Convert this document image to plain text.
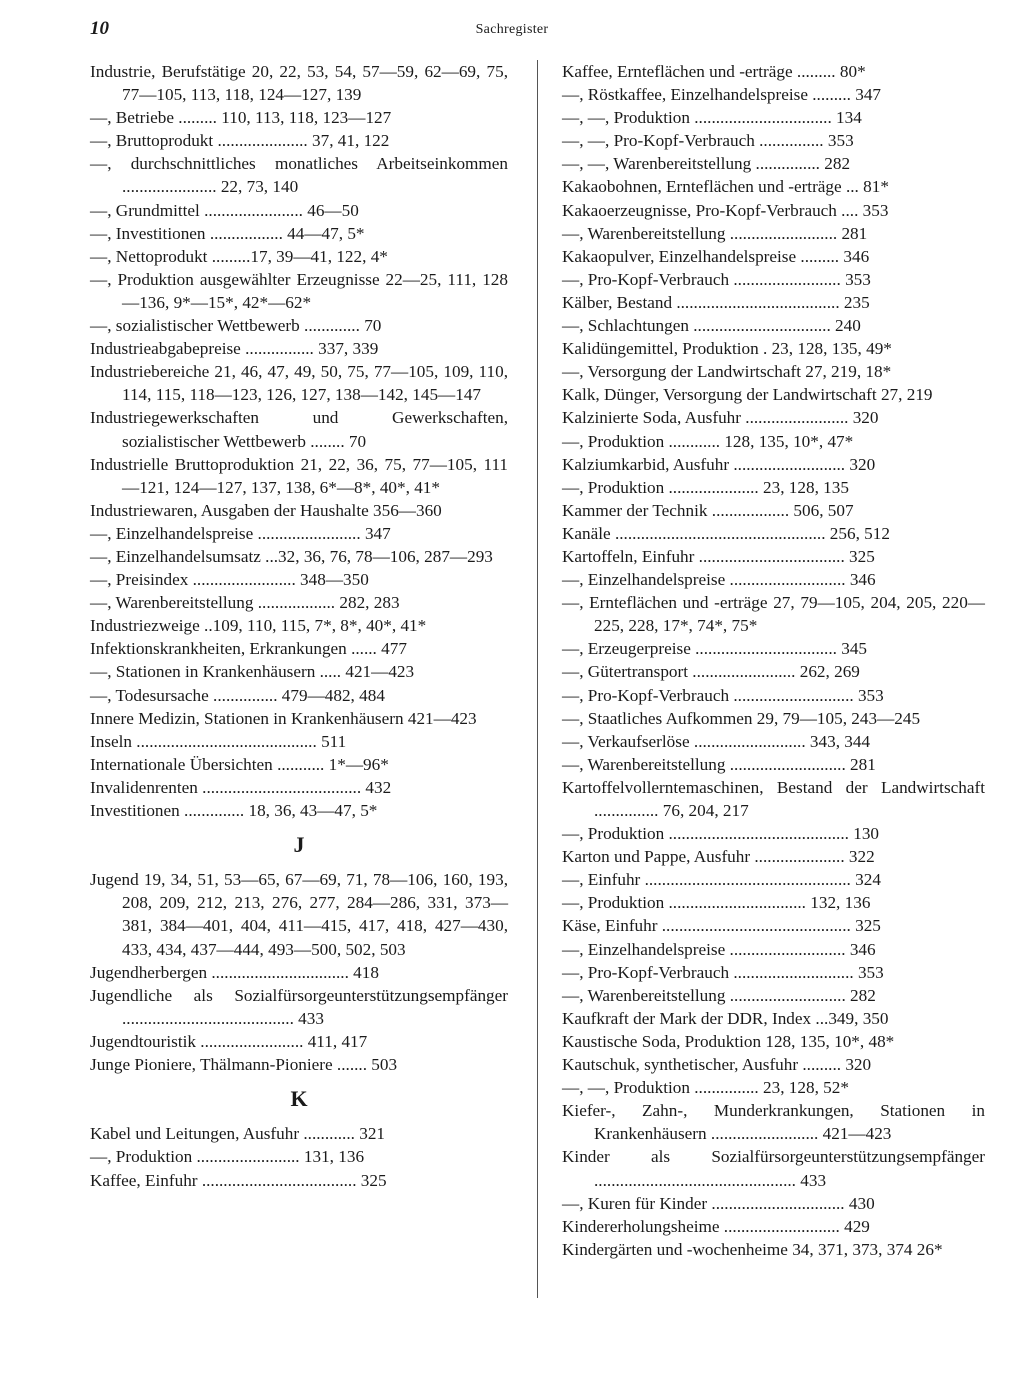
10	Sachregister
Industrie, Berufstätige 20, 22, 53, 54, 57—59, 62—69, 75, 77—105, 113, 118, 124—127, 139
—, Betriebe ......... 110, 113, 118, 123—127
—, Bruttoprodukt ..................... 37, 41, 122
—, durchschnittliches monatliches Arbeitseinkommen ...................... 22, 73, 140
—, Grundmittel ....................... 46—50
—, Investitionen ................. 44—47, 5*
—, Nettoprodukt .........17, 39—41, 122, 4*
—, Produktion ausgewählter Erzeugnisse 22—25, 111, 128—136, 9*—15*, 42*—62*
—, sozialistischer Wettbewerb ............. 70
Industrieabgabepreise ................ 337, 339
Industriebereiche 21, 46, 47, 49, 50, 75, 77—105, 109, 110, 114, 115, 118—123, 126, 127, 138—142, 145—147
Industriegewerkschaften und Gewerkschaften, sozialistischer Wettbewerb ........ 70
Industrielle Bruttoproduktion 21, 22, 36, 75, 77—105, 111—121, 124—127, 137, 138, 6*—8*, 40*, 41*
Industriewaren, Ausgaben der Haushalte 356—360
—, Einzelhandelspreise ........................ 347
—, Einzelhandelsumsatz ...32, 36, 76, 78—106, 287—293
—, Preisindex ........................ 348—350
—, Warenbereitstellung .................. 282, 283
Industriezweige ..109, 110, 115, 7*, 8*, 40*, 41*
Infektionskrankheiten, Erkrankungen ...... 477
—, Stationen in Krankenhäusern ..... 421—423
—, Todesursache ............... 479—482, 484
Innere Medizin, Stationen in Krankenhäusern 421—423
Inseln .......................................... 511
Internationale Übersichten ........... 1*—96*
Invalidenrenten ..................................... 432
Investitionen .............. 18, 36, 43—47, 5*
J
Jugend 19, 34, 51, 53—65, 67—69, 71, 78—106, 160, 193, 208, 209, 212, 213, 276, 277, 284—286, 331, 373—381, 384—401, 404, 411—415, 417, 418, 427—430, 433, 434, 437—444, 493—500, 502, 503
Jugendherbergen ................................ 418
Jugendliche als Sozialfürsorgeunterstützungsempfänger ........................................ 433
Jugendtouristik ........................ 411, 417
Junge Pioniere, Thälmann-Pioniere ....... 503
K
Kabel und Leitungen, Ausfuhr ............ 321
—, Produktion ........................ 131, 136
Kaffee, Einfuhr .................................... 325
Kaffee, Ernteflächen und -erträge ......... 80*
—, Röstkaffee, Einzelhandelspreise ......... 347
—, —, Produktion ................................ 134
—, —, Pro-Kopf-Verbrauch ............... 353
—, —, Warenbereitstellung ............... 282
Kakaobohnen, Ernteflächen und -erträge ... 81*
Kakaoerzeugnisse, Pro-Kopf-Verbrauch .... 353
—, Warenbereitstellung ......................... 281
Kakaopulver, Einzelhandelspreise ......... 346
—, Pro-Kopf-Verbrauch ......................... 353
Kälber, Bestand ...................................... 235
—, Schlachtungen ................................ 240
Kalidüngemittel, Produktion . 23, 128, 135, 49*
—, Versorgung der Landwirtschaft 27, 219, 18*
Kalk, Dünger, Versorgung der Landwirtschaft 27, 219
Kalzinierte Soda, Ausfuhr ........................ 320
—, Produktion ............ 128, 135, 10*, 47*
Kalziumkarbid, Ausfuhr .......................... 320
—, Produktion ..................... 23, 128, 135
Kammer der Technik .................. 506, 507
Kanäle ................................................. 256, 512
Kartoffeln, Einfuhr .................................. 325
—, Einzelhandelspreise ........................... 346
—, Ernteflächen und -erträge 27, 79—105, 204, 205, 220—225, 228, 17*, 74*, 75*
—, Erzeugerpreise ................................. 345
—, Gütertransport ........................ 262, 269
—, Pro-Kopf-Verbrauch ............................ 353
—, Staatliches Aufkommen 29, 79—105, 243—245
—, Verkaufserlöse .......................... 343, 344
—, Warenbereitstellung ........................... 281
Kartoffelvollerntemaschinen, Bestand der Landwirtschaft ............... 76, 204, 217
—, Produktion .......................................... 130
Karton und Pappe, Ausfuhr ..................... 322
—, Einfuhr ................................................ 324
—, Produktion ................................ 132, 136
Käse, Einfuhr ............................................ 325
—, Einzelhandelspreise ........................... 346
—, Pro-Kopf-Verbrauch ............................ 353
—, Warenbereitstellung ........................... 282
Kaufkraft der Mark der DDR, Index ...349, 350
Kaustische Soda, Produktion 128, 135, 10*, 48*
Kautschuk, synthetischer, Ausfuhr ......... 320
—, —, Produktion ............... 23, 128, 52*
Kiefer-, Zahn-, Munderkrankungen, Stationen in Krankenhäusern ......................... 421—423
Kinder als Sozialfürsorgeunterstützungsempfänger ............................................... 433
—, Kuren für Kinder ............................... 430
Kindererholungsheime ........................... 429
Kindergärten und -wochenheime 34, 371, 373, 374 26*
